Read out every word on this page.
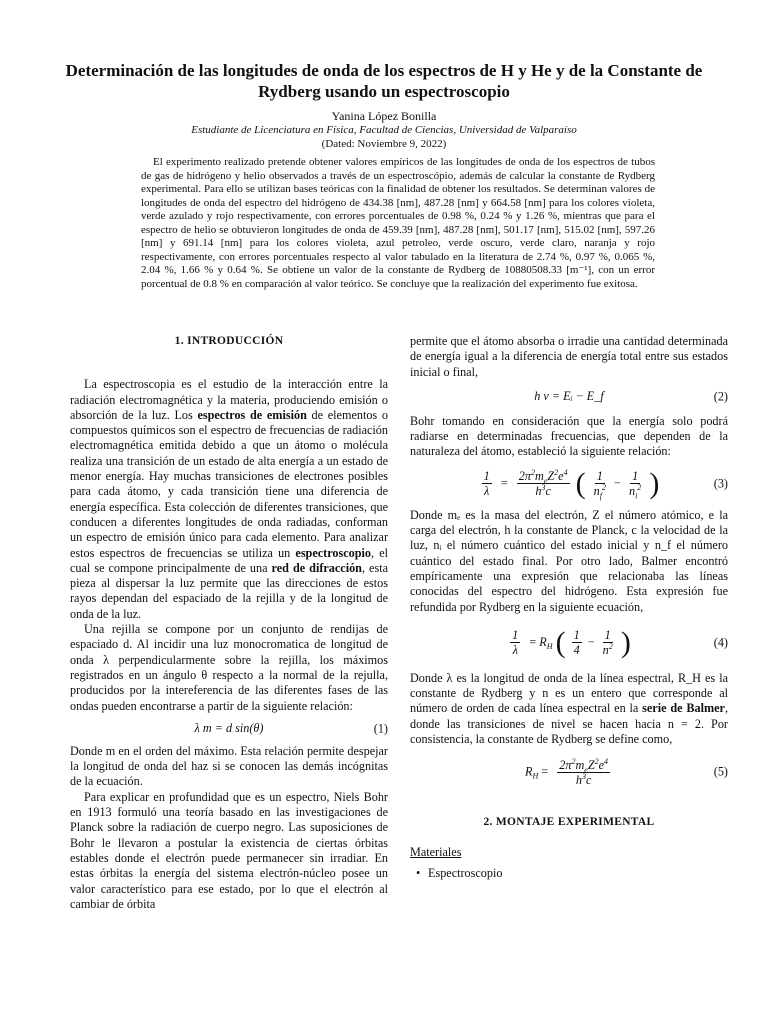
Determinación de las longitudes de onda de los espectros de H y He y de la Constante de Rydberg usando un espectroscopio
Yanina López Bonilla
Estudiante de Licenciatura en Física, Facultad de Ciencias, Universidad de Valparaíso
(Dated: Noviembre 9, 2022)

El experimento realizado pretende obtener valores empíricos de las longitudes de onda de los espectros de tubos de gas de hidrógeno y helio observados a través de un espectroscópio, además de calcular la constante de Rydberg experimental. Para ello se utilizan bases teóricas con la finalidad de obtener los resultados. Se determinan valores de longitudes de onda del espectro del hidrógeno de 434.38 [nm], 487.28 [nm] y 664.58 [nm] para los colores violeta, verde azulado y rojo respectivamente, con errores porcentuales de 0.98 %, 0.24 % y 1.26 %, mientras que para el espectro de helio se obtuvieron longitudes de onda de 459.39 [nm], 487.28 [nm], 501.17 [nm], 515.02 [nm], 597.26 [nm] y 691.14 [nm] para los colores violeta, azul petroleo, verde oscuro, verde claro, naranja y rojo respectivamente, con errores porcentuales respecto al valor tabulado en la literatura de 2.74 %, 0.97 %, 0.065 %, 2.04 %, 1.66 % y 0.64 %. Se obtiene un valor de la constante de Rydberg de 10880508.33 [m⁻¹], con un error porcentual de 0.8 % en comparación al valor teórico. Se concluye que la realización del experimento fue exitosa.

1. INTRODUCCIÓN

La espectroscopia es el estudio de la interacción entre la radiación electromagnética y la materia, produciendo emisión o absorción de la luz. Los espectros de emisión de elementos o compuestos químicos son el espectro de frecuencias de radiación electromagnética emitida debido a que un átomo o molécula realiza una transición de un estado de alta energía a un estado de menor energía. Hay muchas transiciones de electrones posibles para cada átomo, y cada transición tiene una diferencia de energía específica. Esta colección de diferentes transiciones, que conducen a diferentes longitudes de onda radiadas, conforman un espectro de emisión único para cada elemento. Para analizar estos espectros de frecuencias se utiliza un espectroscopio, el cual se compone principalmente de una red de difracción, esta pieza al dispersar la luz permite que las direcciones de estos rayos dependan del espaciado de la rejilla y de la longitud de onda de la luz.

Una rejilla se compone por un conjunto de rendijas de espaciado d. Al incidir una luz monocromatica de longitud de onda λ perpendicularmente sobre la rejilla, los máximos registrados en un ángulo θ respecto a la normal de la rejulla, producidos por la intereferencia de las diferentes fases de las ondas pueden encontrarse a partir de la siguiente relación:

λ m = d sin(θ)	(1)

Donde m en el orden del máximo. Esta relación permite despejar la longitud de onda del haz si se conocen las demás incógnitas de la ecuación.

Para explicar en profundidad que es un espectro, Niels Bohr en 1913 formuló una teoría basado en las investigaciones de Planck sobre la radiación de cuerpo negro. Las suposiciones de Bohr le llevaron a postular la existencia de ciertas órbitas estables donde el electrón puede permanecer sin irradiar. En estas órbitas la energía del sistema electrón-núcleo posee un valor característico para ese estado, por lo que el electrón al cambiar de órbita

permite que el átomo absorba o irradie una cantidad determinada de energía igual a la diferencia de energía total entre sus estados inicial o final,

h ν = Eᵢ − E_f	(2)

Bohr tomando en consideración que la energía solo podrá radiarse en determinadas frecuencias, que dependen de la naturaleza del átomo, estableció la siguiente relación:

$\frac{1}{\lambda} = \frac{2\pi^2m_eZ^2e^4}{h^3c}$ ( $\frac{1}{n_f^2} - \frac{1}{n_i^2}$ )	(3)

Donde mₑ es la masa del electrón, Z el número atómico, e la carga del electrón, h la constante de Planck, c la velocidad de la luz, nᵢ el número cuántico del estado inicial y n_f el número cuántico del estado final. Por otro lado, Balmer encontró empíricamente una expresión que relacionaba las líneas conocidas del espectro del hidrógeno. Esta expresión fue refundida por Rydberg en la siguiente ecuación,

$\frac{1}{\lambda} = R_H$ ( $\frac{1}{4} - \frac{1}{n^2}$ )	(4)

Donde λ es la longitud de onda de la línea espectral, R_H es la constante de Rydberg y n es un entero que corresponde al número de orden de cada línea espectral en la serie de Balmer, donde las transiciones de nivel se hacen hacia n = 2. Por consistencia, la constante de Rydberg se define como,

$R_H = \frac{2\pi^2m_eZ^2e^4}{h^3c}$	(5)
2. MONTAJE EXPERIMENTAL
Materiales
• Espectroscopio
